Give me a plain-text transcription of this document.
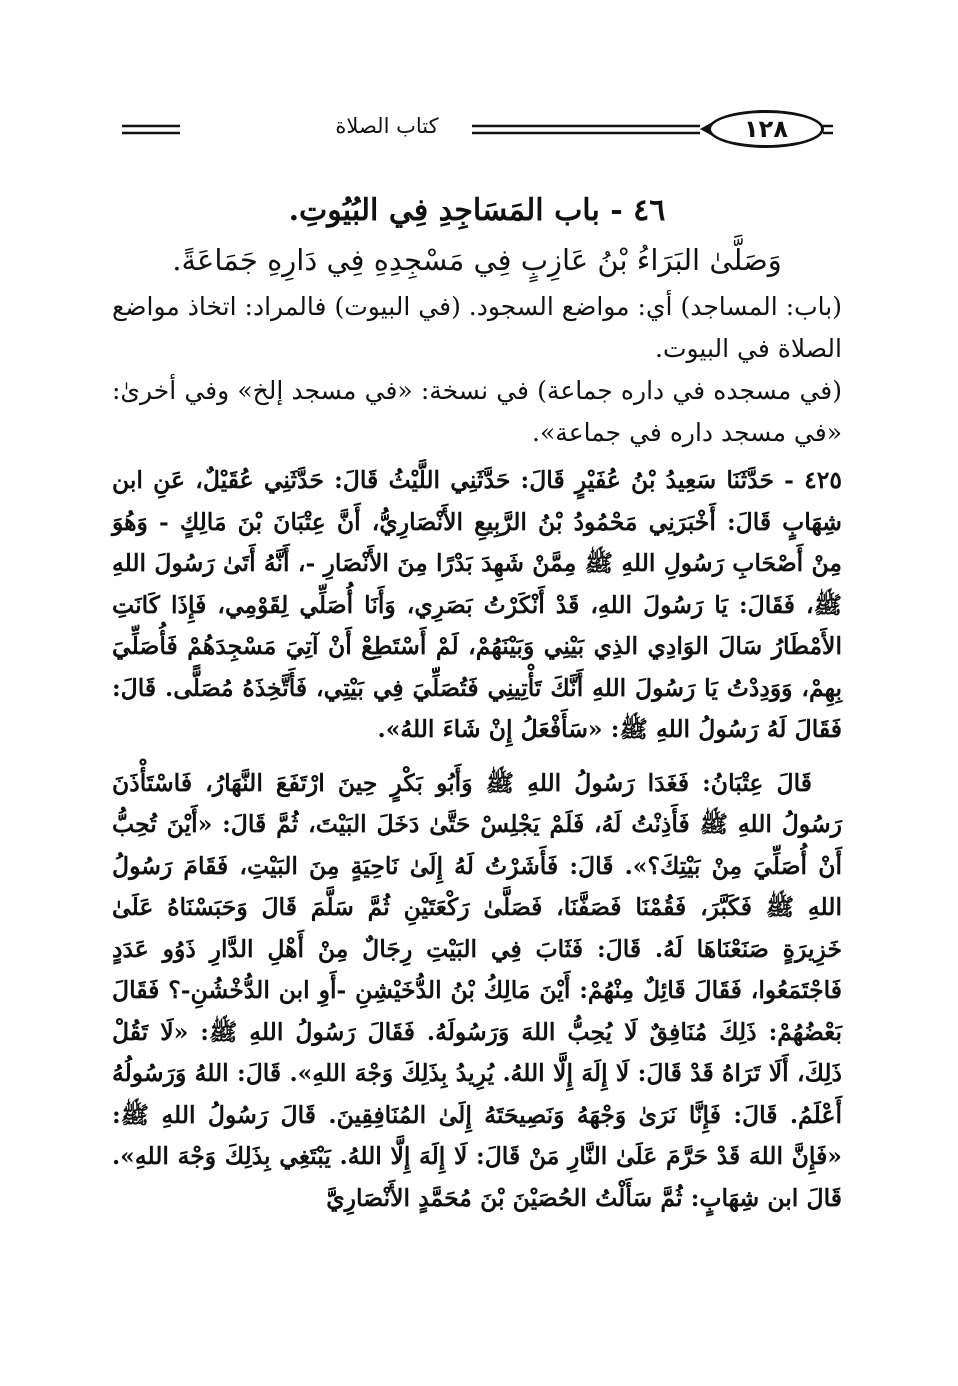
كتاب الصلاة	١٢٨
٤٦ - باب المَسَاجِدِ فِي البُيُوتِ.
وَصَلَّىٰ البَرَاءُ بْنُ عَازِبٍ فِي مَسْجِدِهِ فِي دَارِهِ جَمَاعَةً.

(باب: المساجد) أي: مواضع السجود. (في البيوت) فالمراد: اتخاذ مواضع الصلاة في البيوت.

(في مسجده في داره جماعة) في نسخة: «في مسجد إلخ» وفي أخرىٰ: «في مسجد داره في جماعة».

٤٢٥ - حَدَّثَنَا سَعِيدُ بْنُ عُفَيْرٍ قَالَ: حَدَّثَنِي اللَّيْثُ قَالَ: حَدَّثَنِي عُقَيْلٌ، عَنِ ابن شِهَابٍ قَالَ: أَخْبَرَنِي مَحْمُودُ بْنُ الرَّبِيعِ الأَنْصَارِيُّ، أَنَّ عِتْبَانَ بْنَ مَالِكٍ - وَهُوَ مِنْ أَصْحَابِ رَسُولِ اللهِ ﷺ مِمَّنْ شَهِدَ بَدْرًا مِنَ الأَنْصَارِ -، أَنَّهُ أَتَىٰ رَسُولَ اللهِ ﷺ، فَقَالَ: يَا رَسُولَ اللهِ، قَدْ أَنْكَرْتُ بَصَرِي، وَأَنَا أُصَلِّي لِقَوْمِي، فَإِذَا كَانَتِ الأَمْطَارُ سَالَ الوَادِي الذِي بَيْنِي وَبَيْنَهُمْ، لَمْ أَسْتَطِعْ أَنْ آتِيَ مَسْجِدَهُمْ فَأُصَلِّيَ بِهِمْ، وَوَدِدْتُ يَا رَسُولَ اللهِ أَنَّكَ تَأْتِينِي فَتُصَلِّيَ فِي بَيْتِي، فَأَتَّخِذَهُ مُصَلًّى. قَالَ: فَقَالَ لَهُ رَسُولُ اللهِ ﷺ: «سَأَفْعَلُ إِنْ شَاءَ اللهُ».

قَالَ عِتْبَانُ: فَغَدَا رَسُولُ اللهِ ﷺ وَأَبُو بَكْرٍ حِينَ ارْتَفَعَ النَّهَارُ، فَاسْتَأْذَنَ رَسُولُ اللهِ ﷺ فَأَذِنْتُ لَهُ، فَلَمْ يَجْلِسْ حَتَّىٰ دَخَلَ البَيْتَ، ثُمَّ قَالَ: «أَيْنَ تُحِبُّ أَنْ أُصَلِّيَ مِنْ بَيْتِكَ؟». قَالَ: فَأَشَرْتُ لَهُ إِلَىٰ نَاحِيَةٍ مِنَ البَيْتِ، فَقَامَ رَسُولُ اللهِ ﷺ فَكَبَّرَ، فَقُمْنَا فَصَفَّنَا، فَصَلَّىٰ رَكْعَتَيْنِ ثُمَّ سَلَّمَ قَالَ وَحَبَسْنَاهُ عَلَىٰ خَزِيرَةٍ صَنَعْنَاهَا لَهُ. قَالَ: فَثَابَ فِي البَيْتِ رِجَالٌ مِنْ أَهْلِ الدَّارِ ذَوُو عَدَدٍ فَاجْتَمَعُوا، فَقَالَ قَائِلٌ مِنْهُمْ: أَيْنَ مَالِكُ بْنُ الدُّخَيْشِنِ -أَوِ ابن الدُّخْشُنِ-؟ فَقَالَ بَعْضُهُمْ: ذَلِكَ مُنَافِقٌ لَا يُحِبُّ اللهَ وَرَسُولَهُ. فَقَالَ رَسُولُ اللهِ ﷺ: «لَا تَقُلْ ذَلِكَ، أَلَا تَرَاهُ قَدْ قَالَ: لَا إِلَهَ إِلَّا اللهُ. يُرِيدُ بِذَلِكَ وَجْهَ اللهِ». قَالَ: اللهُ وَرَسُولُهُ أَعْلَمُ. قَالَ: فَإِنَّا نَرَىٰ وَجْهَهُ وَنَصِيحَتَهُ إِلَىٰ المُنَافِقِينَ. قَالَ رَسُولُ اللهِ ﷺ: «فَإِنَّ اللهَ قَدْ حَرَّمَ عَلَىٰ النَّارِ مَنْ قَالَ: لَا إِلَهَ إِلَّا اللهُ. يَبْتَغِي بِذَلِكَ وَجْهَ اللهِ». قَالَ ابن شِهَابٍ: ثُمَّ سَأَلْتُ الحُصَيْنَ بْنَ مُحَمَّدٍ الأَنْصَارِيَّ
